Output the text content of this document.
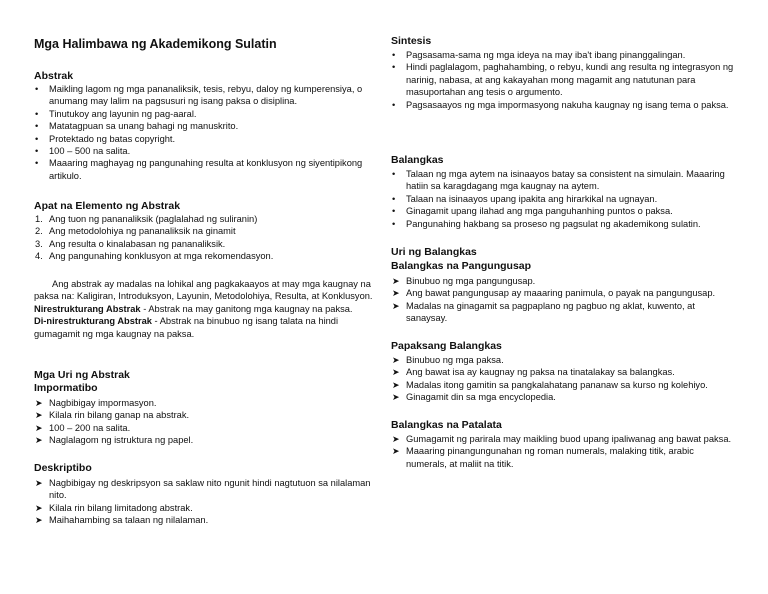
Mga Halimbawa ng Akademikong Sulatin
Abstrak
• Maikling lagom ng mga pananaliksik, tesis, rebyu, daloy ng kumperensiya, o anumang may lalim na pagsusuri ng isang paksa o disiplina.
• Tinutukoy ang layunin ng pag-aaral.
• Matatagpuan sa unang bahagi ng manuskrito.
• Protektado ng batas copyright.
• 100 – 500 na salita.
• Maaaring maghayag ng pangunahing resulta at konklusyon ng siyentipikong artikulo.
Apat na Elemento ng Abstrak
1. Ang tuon ng pananaliksik (paglalahad ng suliranin)
2. Ang metodolohiya ng pananaliksik na ginamit
3. Ang resulta o kinalabasan ng pananaliksik.
4. Ang pangunahing konklusyon at mga rekomendasyon.

Ang abstrak ay madalas na lohikal ang pagkakaayos at may mga kaugnay na paksa na: Kaligiran, Introduksyon, Layunin, Metodolohiya, Resulta, at Konklusyon.

Nirestrukturang Abstrak - Abstrak na may ganitong mga kaugnay na paksa.

Di-nirestrukturang Abstrak - Abstrak na binubuo ng isang talata na hindi gumagamit ng mga kaugnay na paksa.

Mga Uri ng Abstrak
Impormatibo
➤ Nagbibigay impormasyon.
➤ Kilala rin bilang ganap na abstrak.
➤ 100 – 200 na salita.
➤ Naglalagom ng istruktura ng papel.
Deskriptibo
➤ Nagbibigay ng deskripsyon sa saklaw nito ngunit hindi nagtutuon sa nilalaman nito.
➤ Kilala rin bilang limitadong abstrak.
➤ Maihahambing sa talaan ng nilalaman.
Sintesis
• Pagsasama-sama ng mga ideya na may iba't ibang pinanggalingan.
• Hindi paglalagom, paghahambing, o rebyu, kundi ang resulta ng integrasyon ng narinig, nabasa, at ang kakayahan mong magamit ang natutunan para masuportahan ang tesis o argumento.
• Pagsasaayos ng mga impormasyong nakuha kaugnay ng isang tema o paksa.
Balangkas
• Talaan ng mga aytem na isinaayos batay sa consistent na simulain. Maaaring hatiin sa karagdagang mga kaugnay na aytem.
• Talaan na isinaayos upang ipakita ang hirarkikal na ugnayan.
• Ginagamit upang ilahad ang mga panguhanhing puntos o paksa.
• Pangunahing hakbang sa proseso ng pagsulat ng akademikong sulatin.
Uri ng Balangkas
Balangkas na Pangungusap
➤ Binubuo ng mga pangungusap.
➤ Ang bawat pangungusap ay maaaring panimula, o payak na pangungusap.
➤ Madalas na ginagamit sa pagpaplano ng pagbuo ng aklat, kuwento, at sanaysay.
Papaksang Balangkas
➤ Binubuo ng mga paksa.
➤ Ang bawat isa ay kaugnay ng paksa na tinatalakay sa balangkas.
➤ Madalas itong gamitin sa pangkalahatang pananaw sa kurso ng kolehiyo.
➤ Ginagamit din sa mga encyclopedia.
Balangkas na Patalata
➤ Gumagamit ng parirala may maikling buod upang ipaliwanag ang bawat paksa.
➤ Maaaring pinangungunahan ng roman numerals, malaking titik, arabic numerals, at maliit na titik.
